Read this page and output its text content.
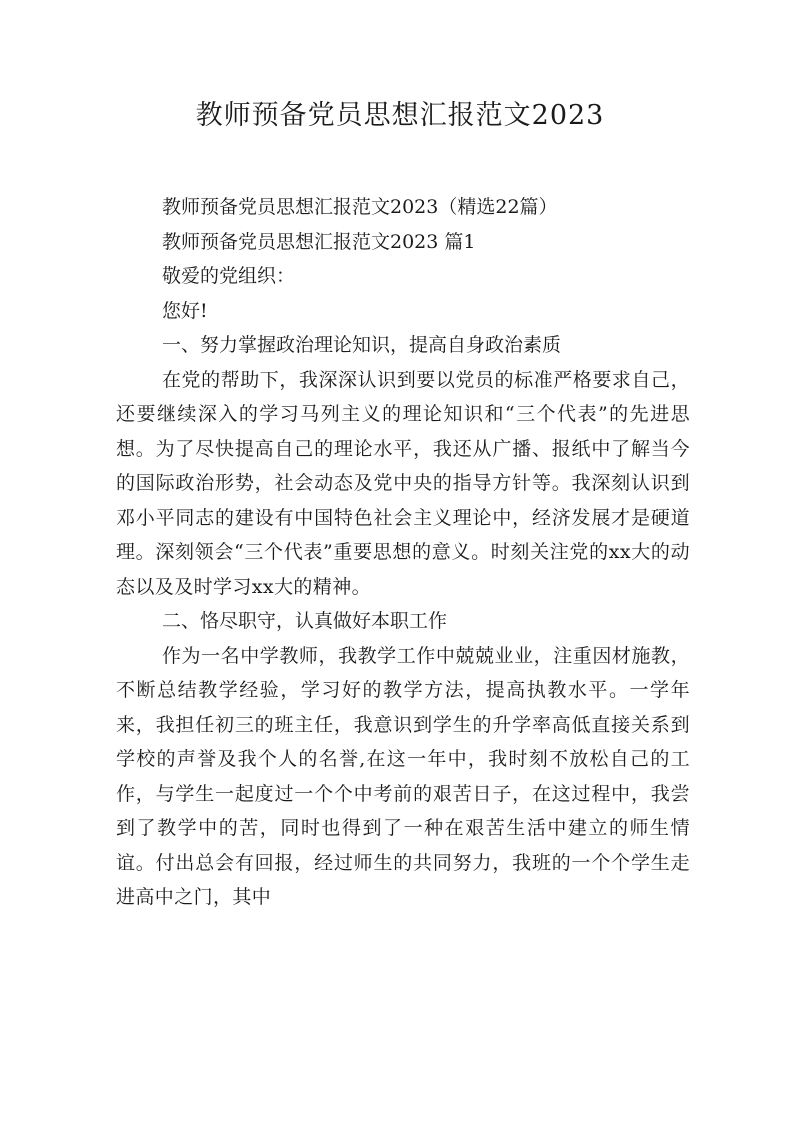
教师预备党员思想汇报范文2023
教师预备党员思想汇报范文2023（精选22篇）
教师预备党员思想汇报范文2023 篇1
敬爱的党组织：
您好!
一、努力掌握政治理论知识，提高自身政治素质

在党的帮助下，我深深认识到要以党员的标准严格要求自己，还要继续深入的学习马列主义的理论知识和“三个代表”的先进思想。为了尽快提高自己的理论水平，我还从广播、报纸中了解当今的国际政治形势，社会动态及党中央的指导方针等。我深刻认识到邓小平同志的建设有中国特色社会主义理论中，经济发展才是硬道理。深刻领会“三个代表”重要思想的意义。时刻关注党的xx大的动态以及及时学习xx大的精神。

二、恪尽职守，认真做好本职工作

作为一名中学教师，我教学工作中兢兢业业，注重因材施教，不断总结教学经验，学习好的教学方法，提高执教水平。一学年来，我担任初三的班主任，我意识到学生的升学率高低直接关系到学校的声誉及我个人的名誉,在这一年中，我时刻不放松自己的工作，与学生一起度过一个个中考前的艰苦日子，在这过程中，我尝到了教学中的苦，同时也得到了一种在艰苦生活中建立的师生情谊。付出总会有回报，经过师生的共同努力，我班的一个个学生走进高中之门，其中
